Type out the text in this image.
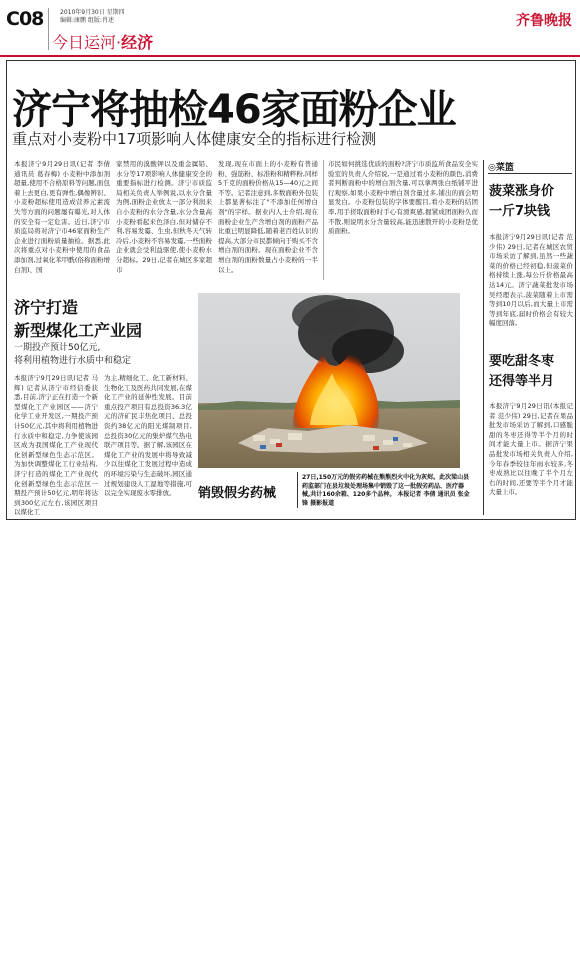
C08	2010年9月30日 星期四
编辑:康鹏 组版:肖述
今日运河·经济
齐鲁晚报
济宁将抽检46家面粉企业
重点对小麦粉中17项影响人体健康安全的指标进行检测
本报济宁9月29日讯(记者 李倩 通讯员 葛春梅) 小麦粉中添加剂超量,使用不合格原料等问题,面包着上去更白,更有弹性,偶像辨识、小麦粉超标使用造成营养元素流失等方面的问题屡有曝光,对人体的安全有一定危害。近日,济宁市质监局将对济宁市46家面粉生产企业进行面粉质量抽检。据悉,此次将重点对小麦粉中使用的食品添加剂,过氧化苯甲酰(俗称面粉增白剂)、国
家禁用的溴酸钾以及重金属铅、水分等17项影响人体健康安全的重要指标进行检测。济宁市质监局相关负责人举例说,以水分含量为例,面粉企业放太一部分利润来自小麦粉的水分含量,水分含量高小麦粉看起来色泽白,但对储存不利,容易发霉、生虫,但秋冬天气转冷后,小麦粉不容易发霉,一些面粉企业就会受利益驱使,使小麦粉水分超标。29日,记者在城区多家超市
发现,现在市面上的小麦粉有普通粉、强筋粉、标准粉和精粹粉,同样5千克的面粉价格从15—40元之间不等。记者注意到,多数面粉外包装上都显著标注了"不添加任何增白剂"的字样。据业内人士介绍,现在面粉企业生产含增白剂的面粉产品比重已明显降低,随着老百姓认识的提高,大部分市民都倾向于购买不含增白剂的面粉。现在面粉企业不含增白剂的面粉数量占小麦粉的一半以上。
市民如何挑选优质的面粉?济宁市质监所食品安全实验室的负责人介绍说,一是通过看小麦粉的颜色,消费者判断面粉中的增白剂含量,可以拿两张白纸铺平进行观察,如果小麦粉中增白剂含量过多,铺出的面会明显发白。小麦粉包装的字体要醒目,看小麦粉的结团率,用手搓取面粉时手心有滑爽感,握紧成团面粉久而不散,则说明水分含量较高,能迅速散开的小麦粉是优质面粉。
济宁打造
新型煤化工产业园
一期投产预计50亿元,
将利用植物进行水质中和稳定
本报济宁9月29日讯(记者 马辉) 记者从济宁市经信委获悉,目前,济宁正在打造一个新型煤化工产业园区——济宁化学工业开发区,一期投产预计50亿元,其中将利用植物进行水质中和稳定,力争使该园区成为我国煤化工产业现代化创新型绿色生态示范区。为加快调整煤化工行业结构,济宁打造的煤化工产业现代化创新型绿色生态示范区一期投产预计50亿元,明年将达到300亿元左右,该园区项目以煤化工
为主,精细化工、化工新材料、生物化工及医药共同发展,在煤化工产业的延伸性发展。目前重点投产项目有总投资36.3亿元的济矿民丰焦化项目、总投资约38亿元的阳光煤制项目,总投资30亿元的集炉煤气热电联产项目等。据了解,该园区在煤化工产业的发展中将导致减少以往煤化工发展过程中造成的环境污染与生态破坏,园区通过规划建设人工湿地等措施,可以完全实现废水零排放。	销毁假劣药械
27日,150万元的假劣药械在熊熊烈火中化为灰烬。此次梁山县药监部门在县垃圾处理场集中销毁了这一批假劣药品、医疗器械,共计160余箱、120多个品种。 本报记者 李倩 通讯员 张金锋 摄影报道
◎菜篮
菠菜涨身价
一斤7块钱
本报济宁9月29日讯(记者 范少伟) 29日,记者在城区农贸市场采访了解到,虽然一些蔬菜的价格已经初稳,但菠菜价格持续上涨,每公斤价格最高达14元。济宁蔬菜批发市场吴经理表示,菠菜随着上市需等到10月以后,而大量上市需等到年底,届时价格会有较大幅度回落。
要吃甜冬枣
还得等半月
本报济宁9月29日讯(本报记者 范少伟) 29日,记者在果品批发市场采访了解到,口感脆甜的冬枣还得等半个月的时间才能大量上市。据济宁果品批发市场相关负责人介绍,今年春季较往年雨水较多,冬枣成熟比以往晚了半个月左右的时间,还要等半个月才能大量上市。
